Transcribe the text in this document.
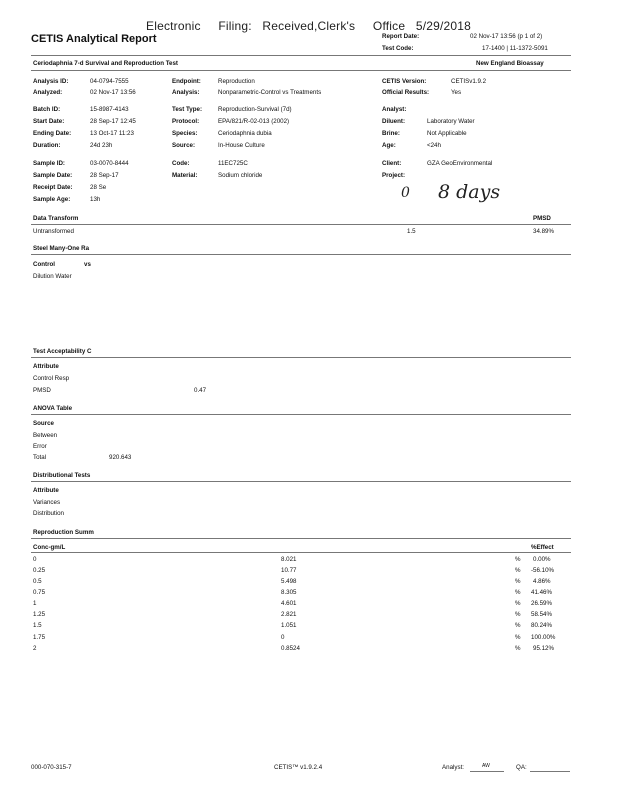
Electronic Filing: Received,Clerk's Office 5/29/2018
CETIS Analytical Report	Report Date:	02 Nov-17 13:56 (p 1 of 2)
Test Code:	17-1400 | 11-1372-5091
Ceriodaphnia 7-d Survival and Reproduction Test	New England Bioassay
Analysis ID:	04-0794-7555
Analyzed:	02 Nov-17 13:56
Batch ID:	15-8987-4143
Start Date:	28 Sep-17 12:45
Ending Date:	13 Oct-17 11:23
Duration:	24d 23h
Sample ID:	03-0070-8444
Sample Date:	28 Sep-17
Receipt Date:	28 Se
Sample Age:	13h
Endpoint:	Reproduction
Analysis:	Nonparametric-Control vs Treatments
Test Type:	Reproduction-Survival (7d)
Protocol:	EPA/821/R-02-013 (2002)
Species:	Ceriodaphnia dubia
Source:	In-House Culture
Code:	11EC725C
Material:	Sodium chloride
CETIS Version:	CETISv1.9.2
Official Results:	Yes
Analyst:
Diluent:	Laboratory Water
Brine:	Not Applicable
Age:	<24h
Client:	GZA GeoEnvironmental
Project:
0 8 days
Data Transform	PMSD
Untransformed	1.5	34.89%
Steel Many-One Ra
Control	vs
Dilution Water
Test Acceptability C
Attribute
Control Resp
PMSD	0.47
ANOVA Table
Source
Between
Error
Total	920.643
Distributional Tests
Attribute
Variances
Distribution
Reproduction Summ
Conc-gm/L	%Effect
0	8.021	% 0.00%
0.25	10.77	% -56.10%
0.5	5.498	% 4.86%
0.75	8.305	% 41.46%
1	4.601	% 26.59%
1.25	2.821	% 58.54%
1.5	1.051	% 80.24%
1.75	0	% 100.00%
2	0.8524	% 95.12%
000-070-315-7	CETIS™ v1.9.2.4	Analyst:	AW	QA:
